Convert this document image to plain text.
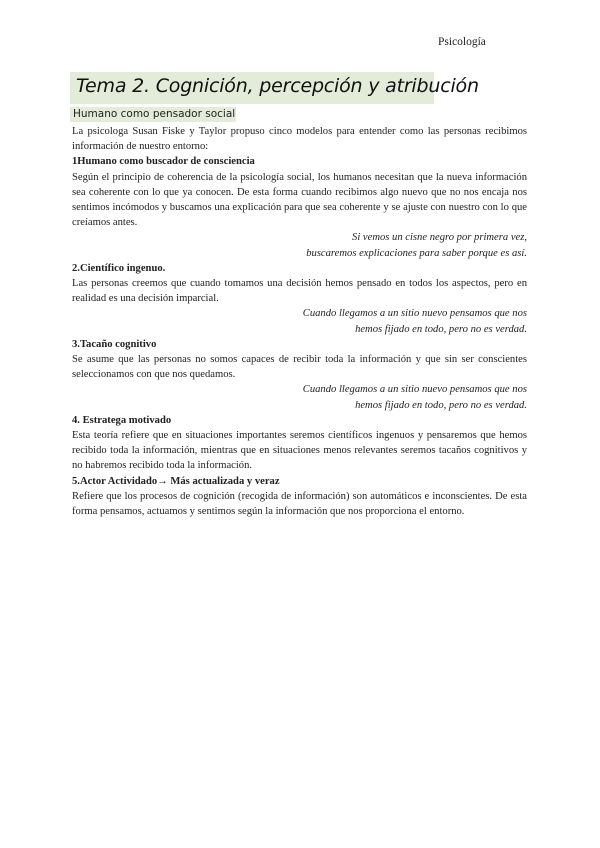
Psicología
Tema 2. Cognición, percepción y atribución
Humano como pensador social

La psicologa Susan Fiske y Taylor propuso cinco modelos para entender como las personas recibimos información de nuestro entorno:

1Humano como buscador de consciencia

Según el principio de coherencia de la psicología social, los humanos necesitan que la nueva información sea coherente con lo que ya conocen. De esta forma cuando recibimos algo nuevo que no nos encaja nos sentimos incómodos y buscamos una explicación para que sea coherente y se ajuste con nuestro con lo que creíamos antes.

Si vemos un cisne negro por primera vez,

buscaremos explicaciones para saber porque es así.

2.Científico ingenuo.

Las personas creemos que cuando tomamos una decisión hemos pensado en todos los aspectos, pero en realidad es una decisión imparcial.

Cuando llegamos a un sitio nuevo pensamos que nos

hemos fijado en todo, pero no es verdad.

3.Tacaño cognitivo

Se asume que las personas no somos capaces de recibir toda la información y que sin ser conscientes seleccionamos con que nos quedamos.

Cuando llegamos a un sitio nuevo pensamos que nos

hemos fijado en todo, pero no es verdad.

4. Estratega motivado

Esta teoría refiere que en situaciones importantes seremos científicos ingenuos y pensaremos que hemos recibido toda la información, mientras que en situaciones menos relevantes seremos tacaños cognitivos y no habremos recibido toda la información.

5.Actor Actividado→ Más actualizada y veraz

Refiere que los procesos de cognición (recogida de información) son automáticos e inconscientes. De esta forma pensamos, actuamos y sentimos según la información que nos proporciona el entorno.
